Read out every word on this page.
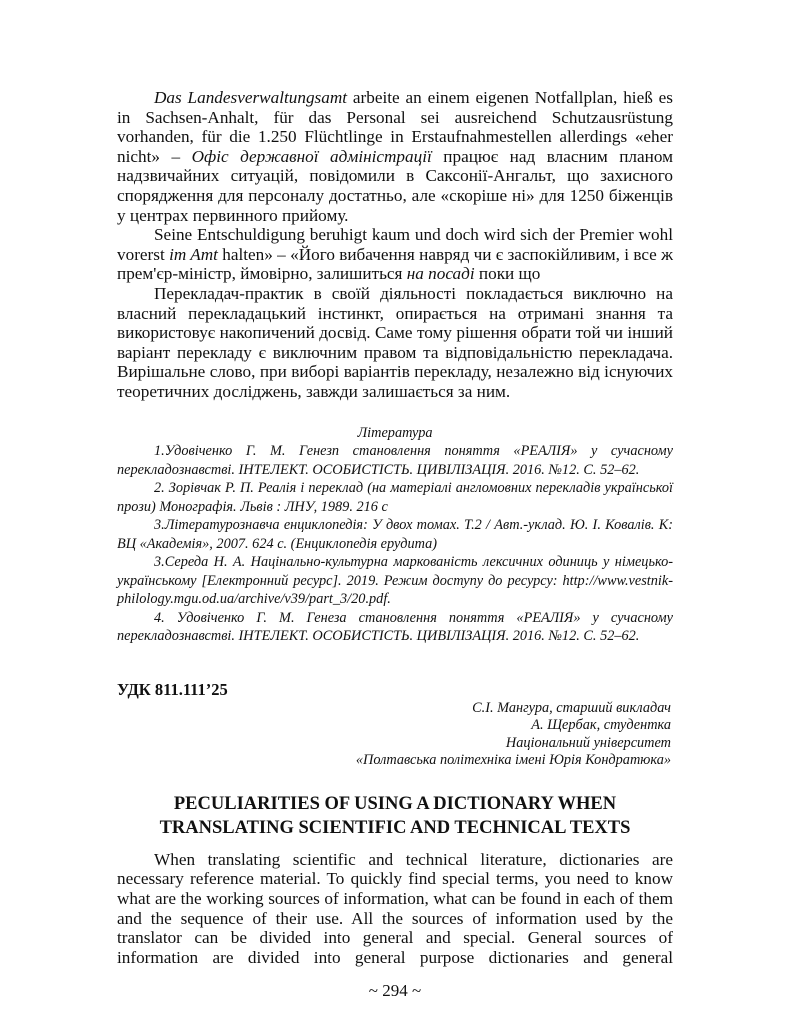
Das Landesverwaltungsamt arbeite an einem eigenen Notfallplan, hieß es in Sachsen-Anhalt, für das Personal sei ausreichend Schutzausrüstung vorhanden, für die 1.250 Flüchtlinge in Erstaufnahmestellen allerdings «eher nicht» – Офіс державної адміністрації працює над власним планом надзвичайних ситуацій, повідомили в Саксонії-Ангальт, що захисного спорядження для персоналу достатньо, але «скоріше ні» для 1250 біженців у центрах первинного прийому.

Seine Entschuldigung beruhigt kaum und doch wird sich der Premier wohl vorerst im Amt halten» – «Його вибачення навряд чи є заспокійливим, і все ж прем'єр-міністр, ймовірно, залишиться на посаді поки що

Перекладач-практик в своїй діяльності покладається виключно на власний перекладацький інстинкт, опирається на отримані знання та використовує накопичений досвід. Саме тому рішення обрати той чи інший варіант перекладу є виключним правом та відповідальністю перекладача. Вирішальне слово, при виборі варіантів перекладу, незалежно від існуючих теоретичних досліджень, завжди залишається за ним.

Література

1.Удовіченко Г. М. Генезп становлення поняття «РЕАЛІЯ» у сучасному перекладознавстві. ІНТЕЛЕКТ. ОСОБИСТІСТЬ. ЦИВІЛІЗАЦІЯ. 2016. №12. С. 52–62.

2. Зорівчак Р. П. Реалія і переклад (на матеріалі англомовних перекладів української прози) Монографія. Львів : ЛНУ, 1989. 216 с

3.Літературознавча енциклопедія: У двох томах. Т.2 / Авт.-уклад. Ю. І. Ковалів. К: ВЦ «Академія», 2007. 624 с. (Енциклопедія ерудита)

3.Середа Н. А. Націнально-культурна маркованість лексичних одиниць у німецько-українському [Електронний ресурс]. 2019. Режим доступу до ресурсу: http://www.vestnik-philology.mgu.od.ua/archive/v39/part_3/20.pdf.

4. Удовіченко Г. М. Генеза становлення поняття «РЕАЛІЯ» у сучасному перекладознавстві. ІНТЕЛЕКТ. ОСОБИСТІСТЬ. ЦИВІЛІЗАЦІЯ. 2016. №12. С. 52–62.

УДК 811.111’25
С.І. Мангура, старший викладач
А. Щербак, студентка
Національний університет
«Полтавська політехніка імені Юрія Кондратюка»
PECULIARITIES OF USING A DICTIONARY WHEN
TRANSLATING SCIENTIFIC AND TECHNICAL TEXTS

When translating scientific and technical literature, dictionaries are necessary reference material. To quickly find special terms, you need to know what are the working sources of information, what can be found in each of them and the sequence of their use. All the sources of information used by the translator can be divided into general and special. General sources of information are divided into general purpose dictionaries and general

~ 294 ~
